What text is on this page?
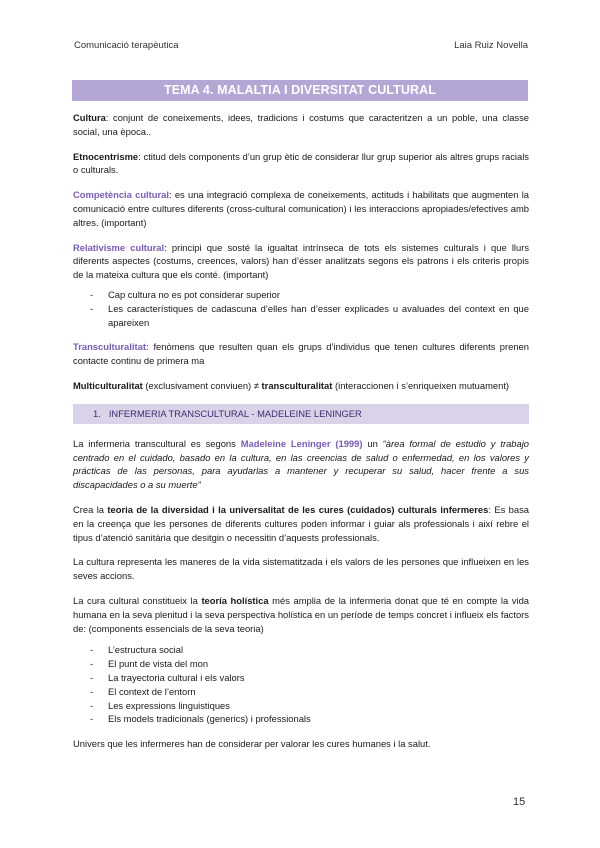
Comunicació terapèutica	Laia Ruiz Novella
TEMA 4. MALALTIA I DIVERSITAT CULTURAL

Cultura: conjunt de coneixements, idees, tradicions i costums que caracteritzen a un poble, una classe social, una època..

Etnocentrisme: ctitud dels components d’un grup ètic de considerar llur grup superior als altres grups racials o culturals.

Competència cultural: es una integració complexa de coneixements, actituds i habilitats que augmenten la comunicació entre cultures diferents (cross-cultural comunication) i les interaccions apropiades/efectives amb altres. (important)

Relativisme cultural: principi que sosté la igualtat intrínseca de tots els sistemes culturals i que llurs diferents aspectes (costums, creences, valors) han d’ésser analitzats segons els patrons i els criteris propis de la mateixa cultura que els conté. (important)

- Cap cultura no es pot considerar superior
- Les característiques de cadascuna d’elles han d’esser explicades u avaluades del context en que apareixen

Transculturalitat: fenòmens que resulten quan els grups d’individus que tenen cultures diferents prenen contacte continu de primera ma

Multiculturalitat (exclusivament conviuen) ≠ transculturalitat (interaccionen i s’enriqueixen mutuament)

1. INFERMERIA TRANSCULTURAL - MADELEINE LENINGER

La infermeria transcultural es segons Madeleine Leninger (1999) un “àrea formal de estudio y trabajo centrado en el cuidado, basado en la cultura, en las creencias de salud o enfermedad, en los valores y prácticas de las personas, para ayudarlas a mantener y recuperar su salud, hacer frente a sus discapacidades o a su muerte”

Crea la teoria de la diversidad i la universalitat de les cures (cuidados) culturals infermeres: Es basa en la creença que les persones de diferents cultures poden informar i guiar als professionals i així rebre el tipus d’atenció sanitària que desitgin o necessitin d’aquests professionals.

La cultura representa les maneres de la vida sistematitzada i els valors de les persones que influeixen en les seves accions.

La cura cultural constitueix la teoría holística més amplia de la infermeria donat que té en compte la vida humana en la seva plenitud i la seva perspectiva holística en un període de temps concret i influeix els factors de: (components essencials de la seva teoria)

- L’estructura social
- El punt de vista del mon
- La trayectoria cultural i els valors
- El context de l’entorn
- Les expressions linguistiques
- Els models tradicionals (generics) i professionals

Univers que les infermeres han de considerar per valorar les cures humanes i la salut.

15
